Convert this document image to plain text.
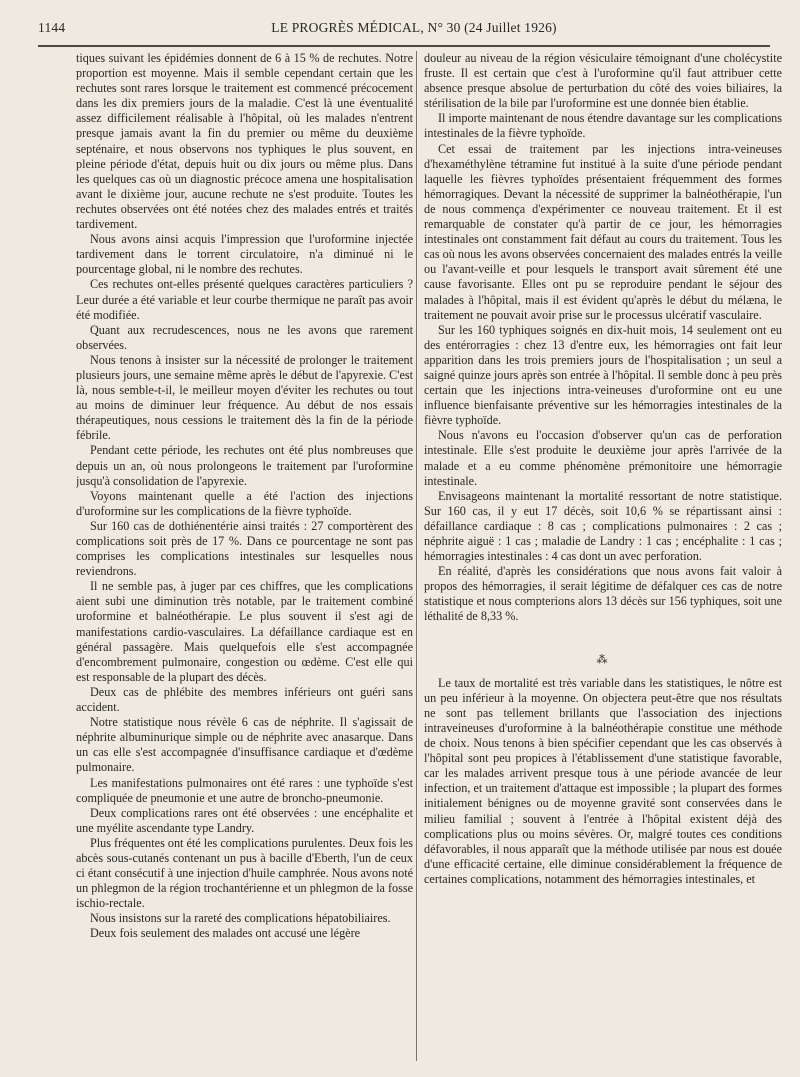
1144	LE PROGRÈS MÉDICAL, N° 30 (24 Juillet 1926)

tiques suivant les épidémies donnent de 6 à 15 % de rechutes. Notre proportion est moyenne. Mais il semble cependant certain que les rechutes sont rares lorsque le traitement est commencé précocement dans les dix premiers jours de la maladie. C'est là une éventualité assez difficilement réalisable à l'hôpital, où les malades n'entrent presque jamais avant la fin du premier ou même du deuxième septénaire, et nous observons nos typhiques le plus souvent, en pleine période d'état, depuis huit ou dix jours ou même plus. Dans les quelques cas où un diagnostic précoce amena une hospitalisation avant le dixième jour, aucune rechute ne s'est produite. Toutes les rechutes observées ont été notées chez des malades entrés et traités tardivement.

Nous avons ainsi acquis l'impression que l'uroformine injectée tardivement dans le torrent circulatoire, n'a diminué ni le pourcentage global, ni le nombre des rechutes.

Ces rechutes ont-elles présenté quelques caractères particuliers ? Leur durée a été variable et leur courbe thermique ne paraît pas avoir été modifiée.

Quant aux recrudescences, nous ne les avons que rarement observées.

Nous tenons à insister sur la nécessité de prolonger le traitement plusieurs jours, une semaine même après le début de l'apyrexie. C'est là, nous semble-t-il, le meilleur moyen d'éviter les rechutes ou tout au moins de diminuer leur fréquence. Au début de nos essais thérapeutiques, nous cessions le traitement dès la fin de la période fébrile.

Pendant cette période, les rechutes ont été plus nombreuses que depuis un an, où nous prolongeons le traitement par l'uroformine jusqu'à consolidation de l'apyrexie.

Voyons maintenant quelle a été l'action des injections d'uroformine sur les complications de la fièvre typhoïde.

Sur 160 cas de dothiénentérie ainsi traités : 27 comportèrent des complications soit près de 17 %. Dans ce pourcentage ne sont pas comprises les complications intestinales sur lesquelles nous reviendrons.

Il ne semble pas, à juger par ces chiffres, que les complications aient subi une diminution très notable, par le traitement combiné uroformine et balnéothérapie. Le plus souvent il s'est agi de manifestations cardio-vasculaires. La défaillance cardiaque est en général passagère. Mais quelquefois elle s'est accompagnée d'encombrement pulmonaire, congestion ou œdème. C'est elle qui est responsable de la plupart des décès.

Deux cas de phlébite des membres inférieurs ont guéri sans accident.

Notre statistique nous révèle 6 cas de néphrite. Il s'agissait de néphrite albuminurique simple ou de néphrite avec anasarque. Dans un cas elle s'est accompagnée d'insuffisance cardiaque et d'œdème pulmonaire.

Les manifestations pulmonaires ont été rares : une typhoïde s'est compliquée de pneumonie et une autre de broncho-pneumonie.

Deux complications rares ont été observées : une encéphalite et une myélite ascendante type Landry.

Plus fréquentes ont été les complications purulentes. Deux fois les abcès sous-cutanés contenant un pus à bacille d'Eberth, l'un de ceux ci étant consécutif à une injection d'huile camphrée. Nous avons noté un phlegmon de la région trochantérienne et un phlegmon de la fosse ischio-rectale.

Nous insistons sur la rareté des complications hépatobiliaires.

Deux fois seulement des malades ont accusé une légère

douleur au niveau de la région vésiculaire témoignant d'une cholécystite fruste. Il est certain que c'est à l'uroformine qu'il faut attribuer cette absence presque absolue de perturbation du côté des voies biliaires, la stérilisation de la bile par l'uroformine est une donnée bien établie.

Il importe maintenant de nous étendre davantage sur les complications intestinales de la fièvre typhoïde.

Cet essai de traitement par les injections intra-veineuses d'hexaméthylène tétramine fut institué à la suite d'une période pendant laquelle les fièvres typhoïdes présentaient fréquemment des formes hémorragiques. Devant la nécessité de supprimer la balnéothérapie, l'un de nous commença d'expérimenter ce nouveau traitement. Et il est remarquable de constater qu'à partir de ce jour, les hémorragies intestinales ont constamment fait défaut au cours du traitement. Tous les cas où nous les avons observées concernaient des malades entrés la veille ou l'avant-veille et pour lesquels le transport avait sûrement été une cause favorisante. Elles ont pu se reproduire pendant le séjour des malades à l'hôpital, mais il est évident qu'après le début du mélæna, le traitement ne pouvait avoir prise sur le processus ulcératif vasculaire.

Sur les 160 typhiques soignés en dix-huit mois, 14 seulement ont eu des entérorragies : chez 13 d'entre eux, les hémorragies ont fait leur apparition dans les trois premiers jours de l'hospitalisation ; un seul a saigné quinze jours après son entrée à l'hôpital. Il semble donc à peu près certain que les injections intra-veineuses d'uroformine ont eu une influence bienfaisante préventive sur les hémorragies intestinales de la fièvre typhoïde.

Nous n'avons eu l'occasion d'observer qu'un cas de perforation intestinale. Elle s'est produite le deuxième jour après l'arrivée de la malade et a eu comme phénomène prémonitoire une hémorragie intestinale.

Envisageons maintenant la mortalité ressortant de notre statistique. Sur 160 cas, il y eut 17 décès, soit 10,6 % se répartissant ainsi : défaillance cardiaque : 8 cas ; complications pulmonaires : 2 cas ; néphrite aiguë : 1 cas ; maladie de Landry : 1 cas ; encéphalite : 1 cas ; hémorragies intestinales : 4 cas dont un avec perforation.

En réalité, d'après les considérations que nous avons fait valoir à propos des hémorragies, il serait légitime de défalquer ces cas de notre statistique et nous compterions alors 13 décès sur 156 typhiques, soit une léthalité de 8,33 %.

⁂

Le taux de mortalité est très variable dans les statistiques, le nôtre est un peu inférieur à la moyenne. On objectera peut-être que nos résultats ne sont pas tellement brillants que l'association des injections intraveineuses d'uroformine à la balnéothérapie constitue une méthode de choix. Nous tenons à bien spécifier cependant que les cas observés à l'hôpital sont peu propices à l'établissement d'une statistique favorable, car les malades arrivent presque tous à une période avancée de leur infection, et un traitement d'attaque est impossible ; la plupart des formes initialement bénignes ou de moyenne gravité sont conservées dans le milieu familial ; souvent à l'entrée à l'hôpital existent déjà des complications plus ou moins sévères. Or, malgré toutes ces conditions défavorables, il nous apparaît que la méthode utilisée par nous est douée d'une efficacité certaine, elle diminue considérablement la fréquence de certaines complications, notamment des hémorragies intestinales, et
